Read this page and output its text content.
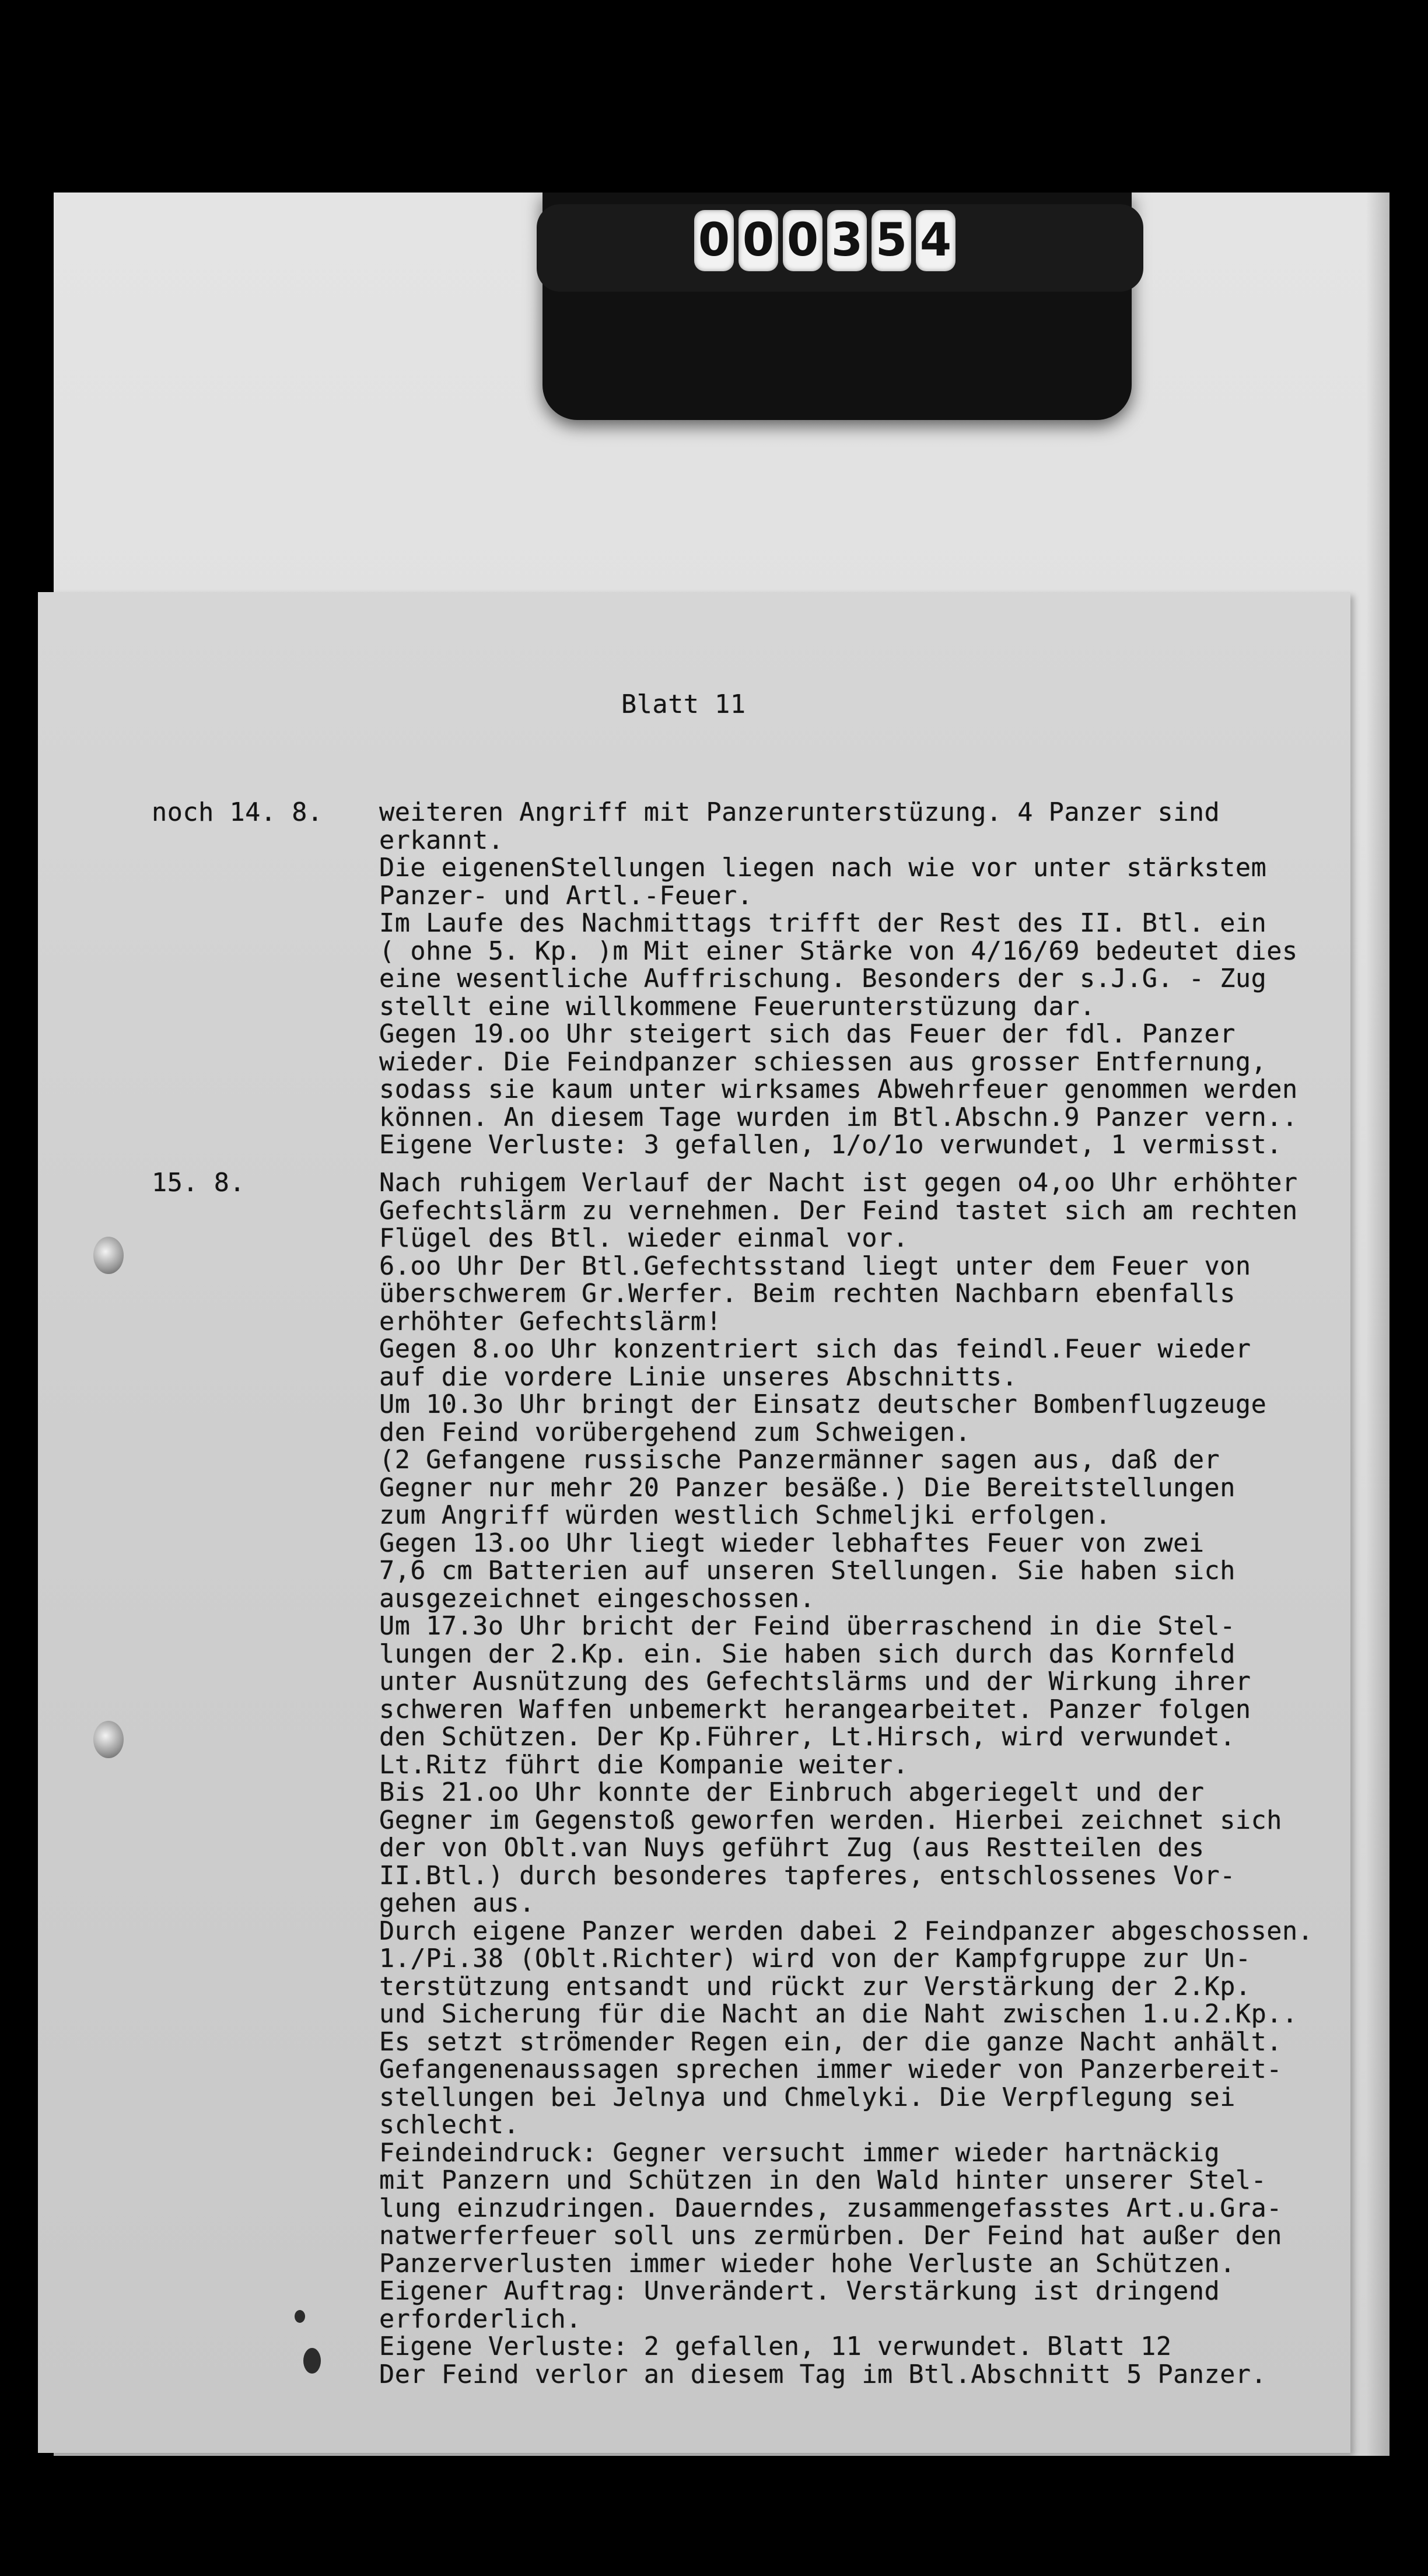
0 0 0 3 5 4
Blatt 11
noch 14. 8. weiteren Angriff mit Panzerunterstüzung. 4 Panzer sind
erkannt.
Die eigenenStellungen liegen nach wie vor unter stärkstem
Panzer- und Artl.-Feuer.
Im Laufe des Nachmittags trifft der Rest des II. Btl. ein
( ohne 5. Kp. )m Mit einer Stärke von 4/16/69 bedeutet dies
eine wesentliche Auffrischung. Besonders der s.J.G. - Zug
stellt eine willkommene Feuerunterstüzung dar.
Gegen 19.oo Uhr steigert sich das Feuer der fdl. Panzer
wieder. Die Feindpanzer schiessen aus grosser Entfernung,
sodass sie kaum unter wirksames Abwehrfeuer genommen werden
können. An diesem Tage wurden im Btl.Abschn.9 Panzer vern..
Eigene Verluste: 3 gefallen, 1/o/1o verwundet, 1 vermisst.
15. 8.	Nach ruhigem Verlauf der Nacht ist gegen o4,oo Uhr erhöhter
Gefechtslärm zu vernehmen. Der Feind tastet sich am rechten
Flügel des Btl. wieder einmal vor.
6.oo Uhr Der Btl.Gefechtsstand liegt unter dem Feuer von
überschwerem Gr.Werfer. Beim rechten Nachbarn ebenfalls
erhöhter Gefechtslärm!
Gegen 8.oo Uhr konzentriert sich das feindl.Feuer wieder
auf die vordere Linie unseres Abschnitts.
Um 10.3o Uhr bringt der Einsatz deutscher Bombenflugzeuge
den Feind vorübergehend zum Schweigen.
(2 Gefangene russische Panzermänner sagen aus, daß der
Gegner nur mehr 20 Panzer besäße.) Die Bereitstellungen
zum Angriff würden westlich Schmeljki erfolgen.
Gegen 13.oo Uhr liegt wieder lebhaftes Feuer von zwei
7,6 cm Batterien auf unseren Stellungen. Sie haben sich
ausgezeichnet eingeschossen.
Um 17.3o Uhr bricht der Feind überraschend in die Stel-
lungen der 2.Kp. ein. Sie haben sich durch das Kornfeld
unter Ausnützung des Gefechtslärms und der Wirkung ihrer
schweren Waffen unbemerkt herangearbeitet. Panzer folgen
den Schützen. Der Kp.Führer, Lt.Hirsch, wird verwundet.
Lt.Ritz führt die Kompanie weiter.
Bis 21.oo Uhr konnte der Einbruch abgeriegelt und der
Gegner im Gegenstoß geworfen werden. Hierbei zeichnet sich
der von Oblt.van Nuys geführt Zug (aus Restteilen des
II.Btl.) durch besonderes tapferes, entschlossenes Vor-
gehen aus.
Durch eigene Panzer werden dabei 2 Feindpanzer abgeschossen.
1./Pi.38 (Oblt.Richter) wird von der Kampfgruppe zur Un-
terstützung entsandt und rückt zur Verstärkung der 2.Kp.
und Sicherung für die Nacht an die Naht zwischen 1.u.2.Kp..
Es setzt strömender Regen ein, der die ganze Nacht anhält.
Gefangenenaussagen sprechen immer wieder von Panzerbereit-
stellungen bei Jelnya und Chmelyki. Die Verpflegung sei
schlecht.
Feindeindruck: Gegner versucht immer wieder hartnäckig
mit Panzern und Schützen in den Wald hinter unserer Stel-
lung einzudringen. Dauerndes, zusammengefasstes Art.u.Gra-
natwerferfeuer soll uns zermürben. Der Feind hat außer den
Panzerverlusten immer wieder hohe Verluste an Schützen.
Eigener Auftrag: Unverändert. Verstärkung ist dringend
erforderlich.
Eigene Verluste: 2 gefallen, 11 verwundet.
Der Feind verlor an diesem Tag im Btl.Abschnitt 5 Panzer.
Blatt 12
